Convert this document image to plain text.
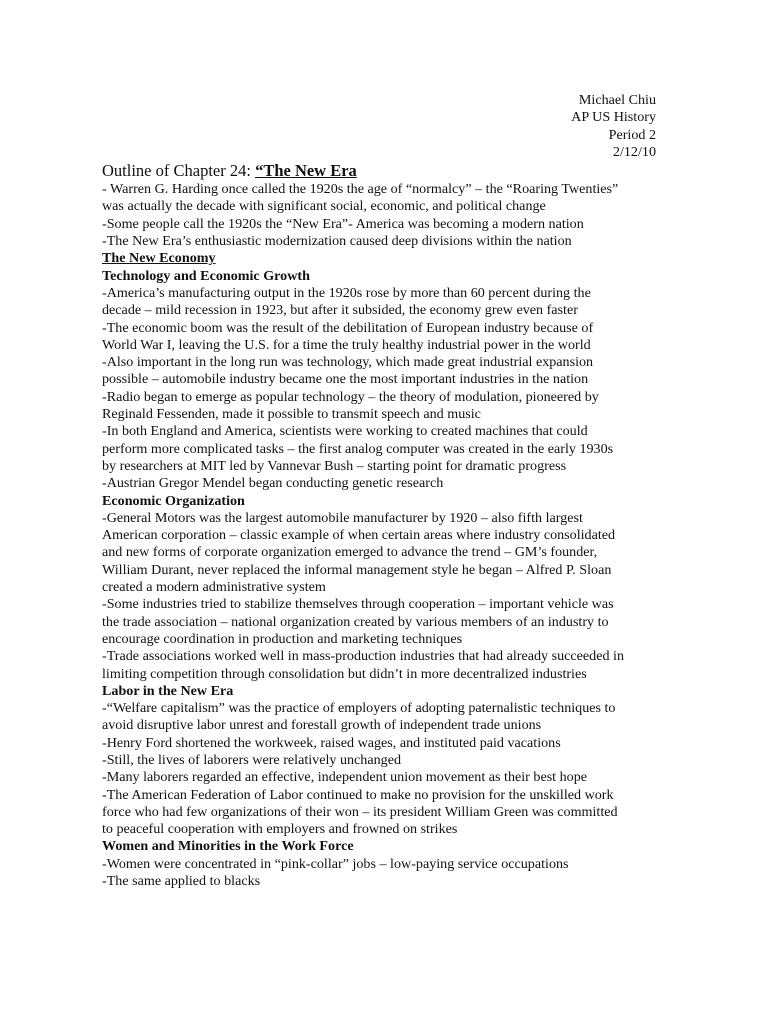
Michael Chiu
AP US History
Period 2
2/12/10
Outline of Chapter 24: “The New Era
- Warren G. Harding once called the 1920s the age of “normalcy” – the “Roaring Twenties”
was actually the decade with significant social, economic, and political change
-Some people call the 1920s the “New Era”- America was becoming a modern nation
-The New Era’s enthusiastic modernization caused deep divisions within the nation
The New Economy
Technology and Economic Growth
-America’s manufacturing output in the 1920s rose by more than 60 percent during the
decade – mild recession in 1923, but after it subsided, the economy grew even faster
-The economic boom was the result of the debilitation of European industry because of
World War I, leaving the U.S. for a time the truly healthy industrial power in the world
-Also important in the long run was technology, which made great industrial expansion
possible – automobile industry became one the most important industries in the nation
-Radio began to emerge as popular technology – the theory of modulation, pioneered by
Reginald Fessenden, made it possible to transmit speech and music
-In both England and America, scientists were working to created machines that could
perform more complicated tasks – the first analog computer was created in the early 1930s
by researchers at MIT led by Vannevar Bush – starting point for dramatic progress
-Austrian Gregor Mendel began conducting genetic research
Economic Organization
-General Motors was the largest automobile manufacturer by 1920 – also fifth largest
American corporation – classic example of when certain areas where industry consolidated
and new forms of corporate organization emerged to advance the trend – GM’s founder,
William Durant, never replaced the informal management style he began – Alfred P. Sloan
created a modern administrative system
-Some industries tried to stabilize themselves through cooperation – important vehicle was
the trade association – national organization created by various members of an industry to
encourage coordination in production and marketing techniques
-Trade associations worked well in mass-production industries that had already succeeded in
limiting competition through consolidation but didn’t in more decentralized industries
Labor in the New Era
-“Welfare capitalism” was the practice of employers of adopting paternalistic techniques to
avoid disruptive labor unrest and forestall growth of independent trade unions
-Henry Ford shortened the workweek, raised wages, and instituted paid vacations
-Still, the lives of laborers were relatively unchanged
-Many laborers regarded an effective, independent union movement as their best hope
-The American Federation of Labor continued to make no provision for the unskilled work
force who had few organizations of their won – its president William Green was committed
to peaceful cooperation with employers and frowned on strikes
Women and Minorities in the Work Force
-Women were concentrated in “pink-collar” jobs – low-paying service occupations
-The same applied to blacks
